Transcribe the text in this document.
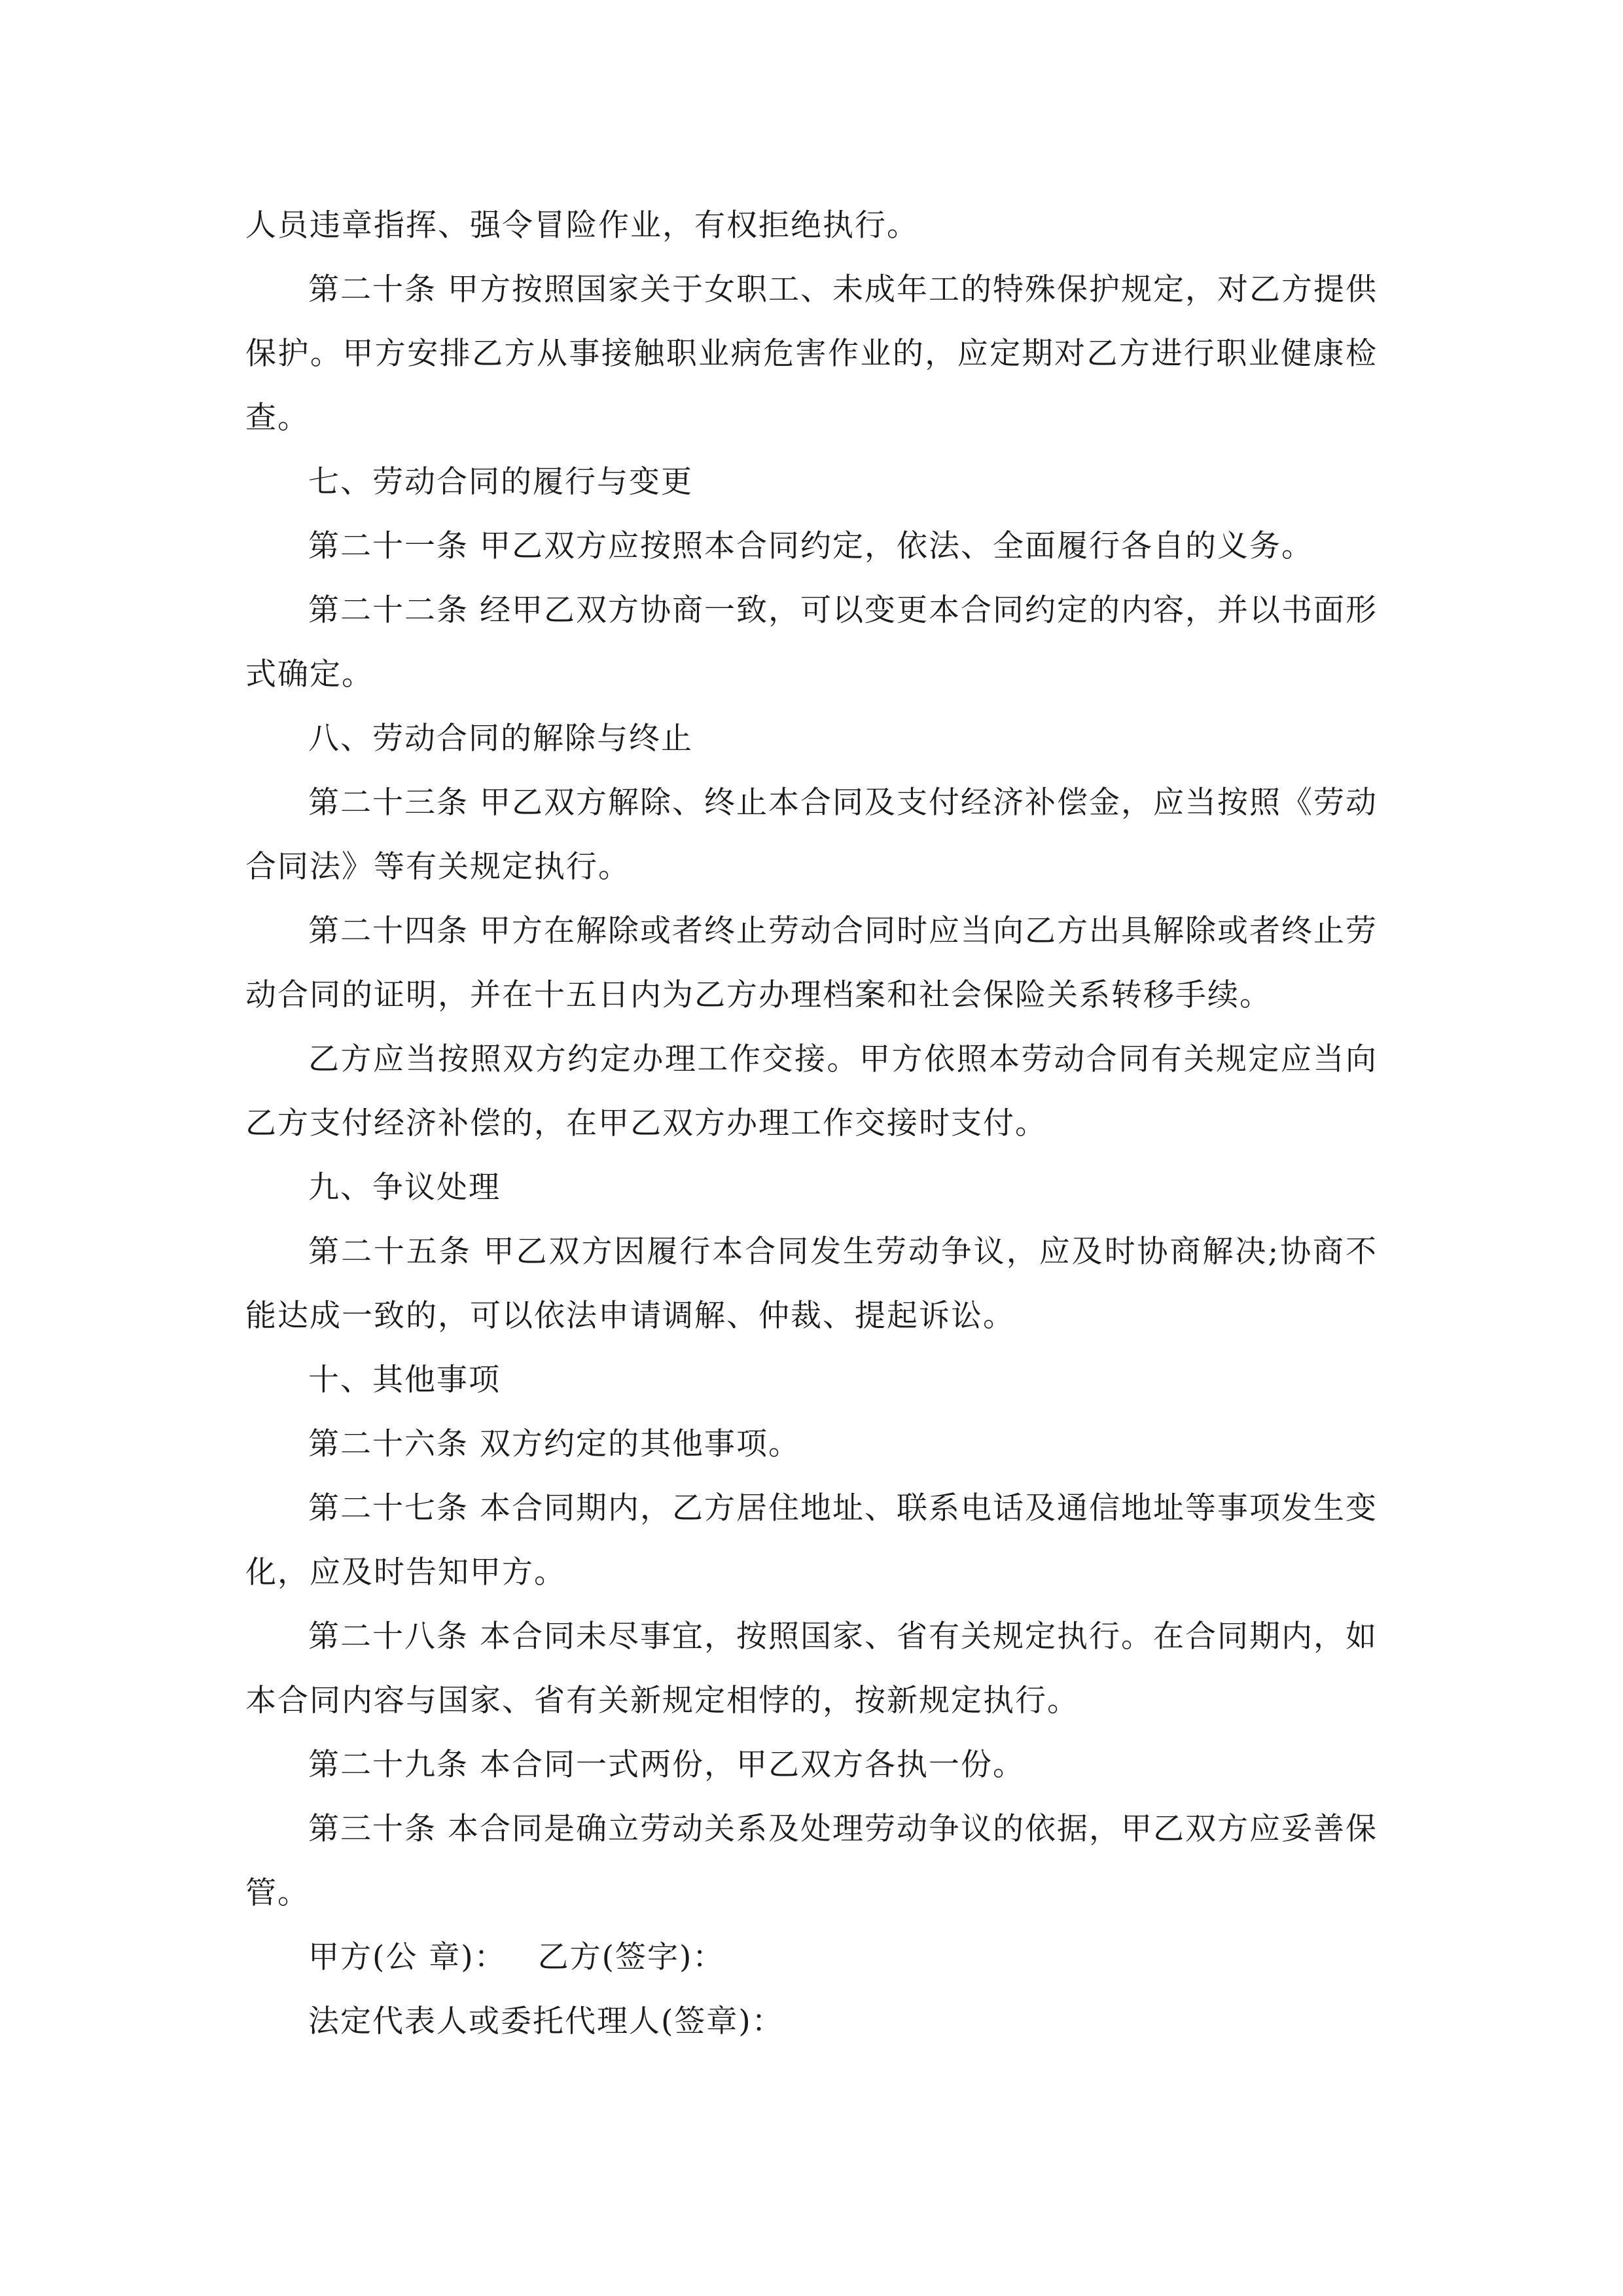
人员违章指挥、强令冒险作业，有权拒绝执行。

第二十条 甲方按照国家关于女职工、未成年工的特殊保护规定，对乙方提供保护。甲方安排乙方从事接触职业病危害作业的，应定期对乙方进行职业健康检查。

七、劳动合同的履行与变更

第二十一条 甲乙双方应按照本合同约定，依法、全面履行各自的义务。

第二十二条 经甲乙双方协商一致，可以变更本合同约定的内容，并以书面形式确定。

八、劳动合同的解除与终止

第二十三条 甲乙双方解除、终止本合同及支付经济补偿金，应当按照《劳动合同法》等有关规定执行。

第二十四条 甲方在解除或者终止劳动合同时应当向乙方出具解除或者终止劳动合同的证明，并在十五日内为乙方办理档案和社会保险关系转移手续。

乙方应当按照双方约定办理工作交接。甲方依照本劳动合同有关规定应当向乙方支付经济补偿的，在甲乙双方办理工作交接时支付。

九、争议处理

第二十五条 甲乙双方因履行本合同发生劳动争议，应及时协商解决;协商不能达成一致的，可以依法申请调解、仲裁、提起诉讼。

十、其他事项

第二十六条 双方约定的其他事项。

第二十七条 本合同期内，乙方居住地址、联系电话及通信地址等事项发生变化，应及时告知甲方。

第二十八条 本合同未尽事宜，按照国家、省有关规定执行。在合同期内，如本合同内容与国家、省有关新规定相悖的，按新规定执行。

第二十九条 本合同一式两份，甲乙双方各执一份。

第三十条 本合同是确立劳动关系及处理劳动争议的依据，甲乙双方应妥善保管。

甲方(公 章)： 乙方(签字)：

法定代表人或委托代理人(签章)：
